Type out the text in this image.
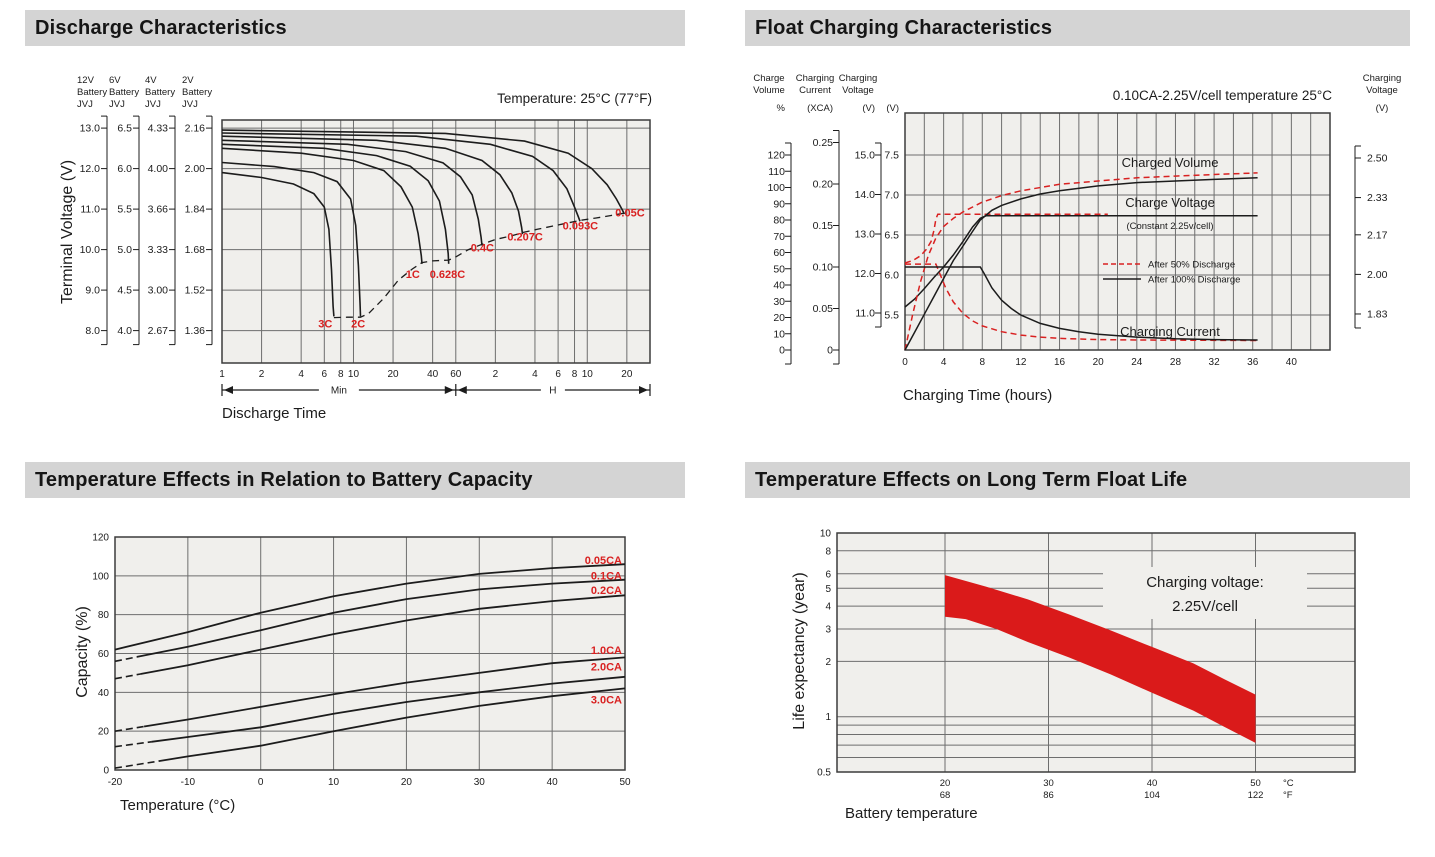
Discharge Characteristics
3C 2C
1C 0.628C
0.4C
0.207C
0.093C
0.05C
1	2	4 6 8 10	20	40 60	2	4 6 8 10	20
Min	H
12V
Battery
JVJ
13.0
12.0
11.0
10.0
9.0
8.0
6V
Battery
JVJ
6.5
6.0
5.5
5.0
4.5
4.0
4V
Battery
JVJ
4.33
4.00
3.66
3.33
3.00
2.67
2V
Battery
JVJ
2.16
2.00
1.84
1.68
1.52
1.36
Terminal Voltage (V)
Temperature: 25°C (77°F)
Discharge Time
Float Charging Characteristics
Charged Volume
Charge Voltage
(Constant 2.25v/cell)
Charging Current
After 50% Discharge
After 100% Discharge
Charge
Volume
%
0
10
20
30
40
50
60
70
80
90
100
110
120
Charging
Current
(XCA)
0
0.05
0.10
0.15
0.20
0.25
Charging
Voltage
(V)
11.0
12.0
13.0
14.0
15.0
(V)
5.5
6.0
6.5
7.0
7.5
Charging
Voltage
(V)
2.50
2.33
2.17
2.00
1.83
0	4	8	12	16	20	24	28	32	36	40
0.10CA-2.25V/cell temperature 25°C
Charging Time (hours)
Temperature Effects in Relation to Battery Capacity
0.05CA
0.1CA
0.2CA
1.0CA
2.0CA
3.0CA
0
20
40
60
80
100
120
-20	-10	0	10	20	30	40	50
Capacity (%)
Temperature (°C)
Temperature Effects on Long Term Float Life
Charging voltage:
2.25V/cell
10
8
6
5
4
3
2
1
0.5
20
68
30
86
40
104
50
122
°C
°F
Life expectancy (year)
Battery temperature
